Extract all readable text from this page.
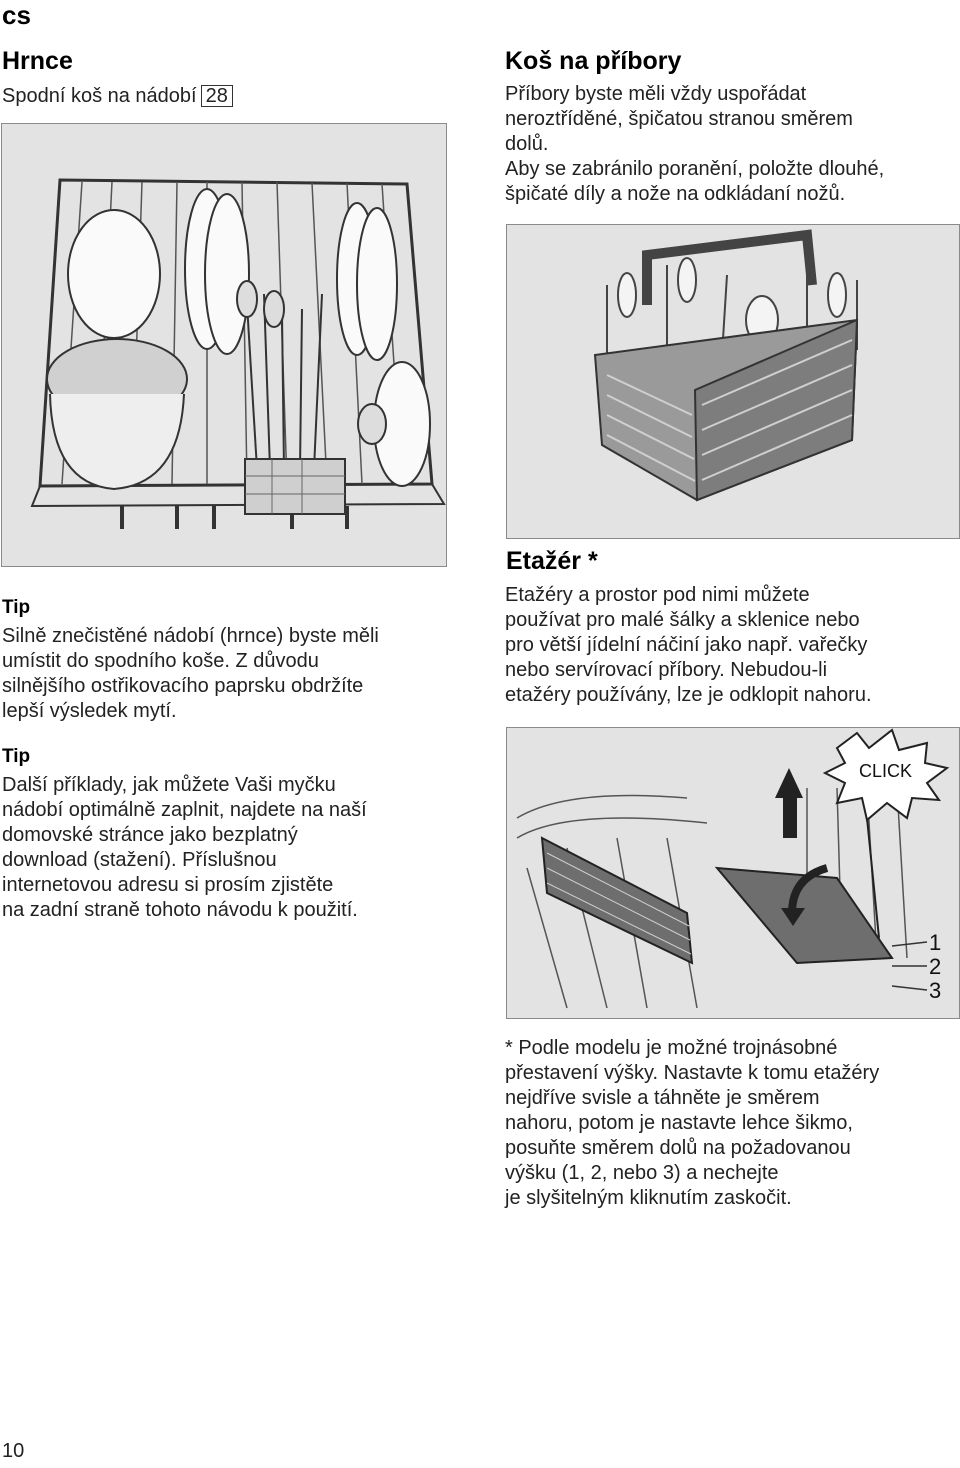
cs
Hrnce
Spodní koš na nádobí 28
Tip
Silně znečistěné nádobí (hrnce) byste měli
umístit do spodního koše. Z důvodu
silnějšího ostřikovacího paprsku obdržíte
lepší výsledek mytí.
Tip
Další příklady, jak můžete Vaši myčku
nádobí optimálně zaplnit, najdete na naší
domovské stránce jako bezplatný
download (stažení). Příslušnou
internetovou adresu si prosím zjistěte
na zadní straně tohoto návodu k použití.
Koš na příbory
Příbory byste měli vždy uspořádat
neroztříděné, špičatou stranou směrem
dolů.
Aby se zabránilo poranění, položte dlouhé,
špičaté díly a nože na odkládaní nožů.
Etažér *
Etažéry a prostor pod nimi můžete
používat pro malé šálky a sklenice nebo
pro větší jídelní náčiní jako např. vařečky
nebo servírovací příbory. Nebudou-li
etažéry používány, lze je odklopit nahoru.
CLICK
1
2
3
* Podle modelu je možné trojnásobné
přestavení výšky. Nastavte k tomu etažéry
nejdříve svisle a táhněte je směrem
nahoru, potom je nastavte lehce šikmo,
posuňte směrem dolů na požadovanou
výšku (1, 2, nebo 3) a nechejte
je slyšitelným kliknutím zaskočit.
10
